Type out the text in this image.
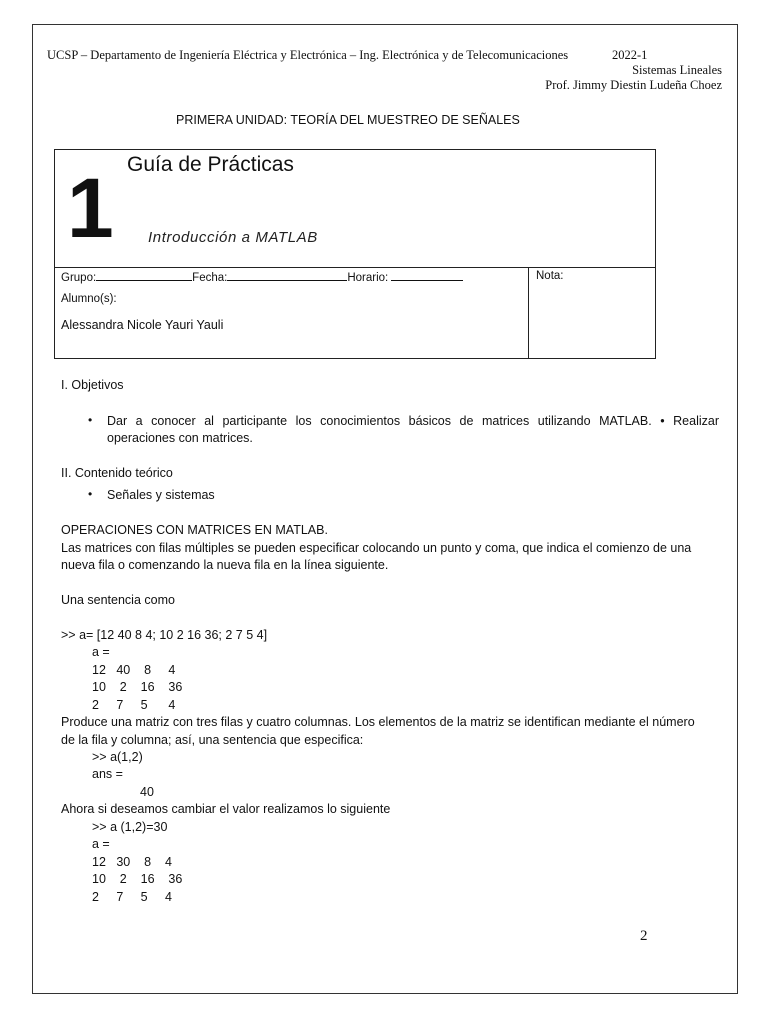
UCSP – Departamento de Ingeniería Eléctrica y Electrónica – Ing. Electrónica y de Telecomunicaciones	2022-1
Sistemas Lineales
Prof. Jimmy Diestin Ludeña Choez
PRIMERA UNIDAD: TEORÍA DEL MUESTREO DE SEÑALES
1 Guía de Prácticas
Introducción a MATLAB
Grupo:	Fecha:	Horario:	Nota:
Alumno(s):
Alessandra Nicole Yauri Yauli
I. Objetivos
• Dar a conocer al participante los conocimientos básicos de matrices utilizando MATLAB. • Realizar
operaciones con matrices.
II. Contenido teórico
• Señales y sistemas
OPERACIONES CON MATRICES EN MATLAB.
Las matrices con filas múltiples se pueden especificar colocando un punto y coma, que indica el comienzo de una
nueva fila o comenzando la nueva fila en la línea siguiente.
Una sentencia como
>> a= [12 40 8 4; 10 2 16 36; 2 7 5 4]
a =
12   40    8     4
10    2    16    36
2     7     5      4
Produce una matriz con tres filas y cuatro columnas. Los elementos de la matriz se identifican mediante el número
de la fila y columna; así, una sentencia que especifica:
>> a(1,2)
ans =
40
Ahora si deseamos cambiar el valor realizamos lo siguiente
>> a (1,2)=30
a =
12   30    8    4
10    2    16    36
2     7     5     4
2
